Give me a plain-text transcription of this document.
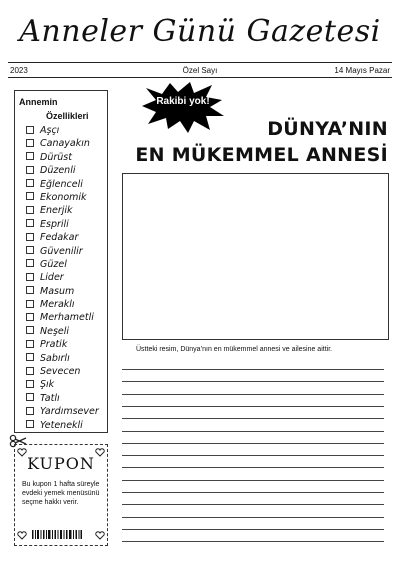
Anneler Günü Gazetesi
2023	Özel Sayı	14 Mayıs Pazar
Annemin
Özellikleri
Aşçı
Canayakın
Dürüst
Düzenli
Eğlenceli
Ekonomik
Enerjik
Esprili
Fedakar
Güvenilir
Güzel
Lider
Masum
Meraklı
Merhametli
Neşeli
Pratik
Sabırlı
Sevecen
Şık
Tatlı
Yardımsever
Yetenekli
KUPON
Bu kupon 1 hafta süreyle evdeki yemek menüsünü seçme hakkı verir.
Rakibi yok!
DÜNYA’NIN
EN MÜKEMMEL ANNESİ
Üstteki resim, Dünya’nın en mükemmel annesi ve ailesine aittir.
